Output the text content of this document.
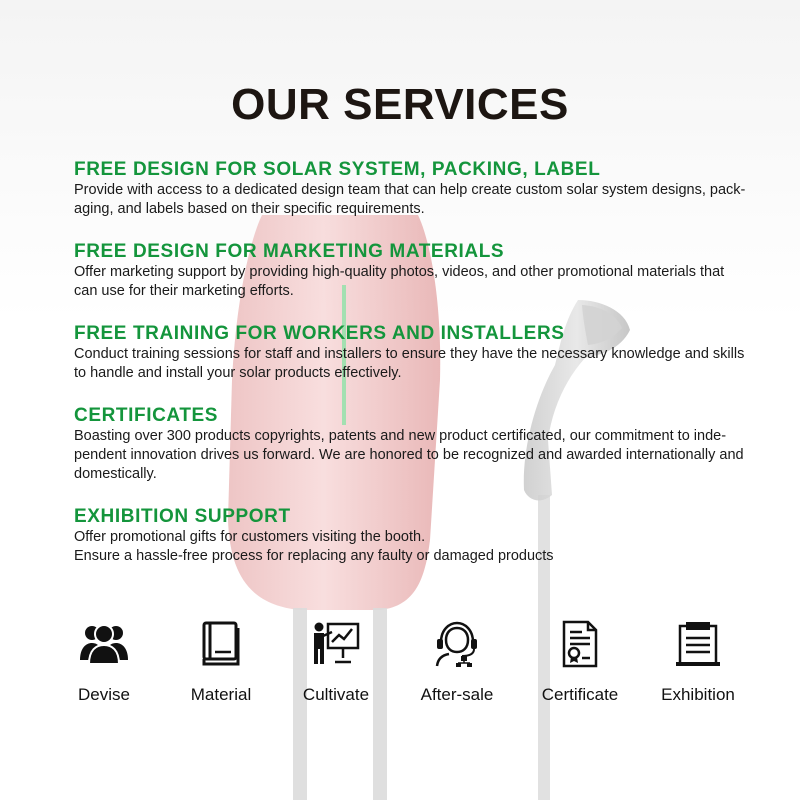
OUR SERVICES
FREE DESIGN FOR SOLAR SYSTEM, PACKING, LABEL

Provide with access to a dedicated design team that can help create custom solar system designs, pack-
aging, and labels based on their specific requirements.

FREE DESIGN FOR MARKETING MATERIALS

Offer marketing support by providing high-quality photos, videos, and other promotional materials that
can use for their marketing efforts.

FREE TRAINING FOR WORKERS AND INSTALLERS

Conduct training sessions for staff and installers to ensure they have the necessary knowledge and skills
to handle and install your solar products effectively.

CERTIFICATES

Boasting over 300 products copyrights, patents and new product certificated, our commitment to inde-
pendent innovation drives us forward. We are honored to be recognized and awarded internationally and
domestically.

EXHIBITION SUPPORT

Offer promotional gifts for customers visiting the booth.
Ensure a hassle-free process for replacing any faulty or damaged products

Devise	Material	Cultivate	After-sale	Certificate	Exhibition
